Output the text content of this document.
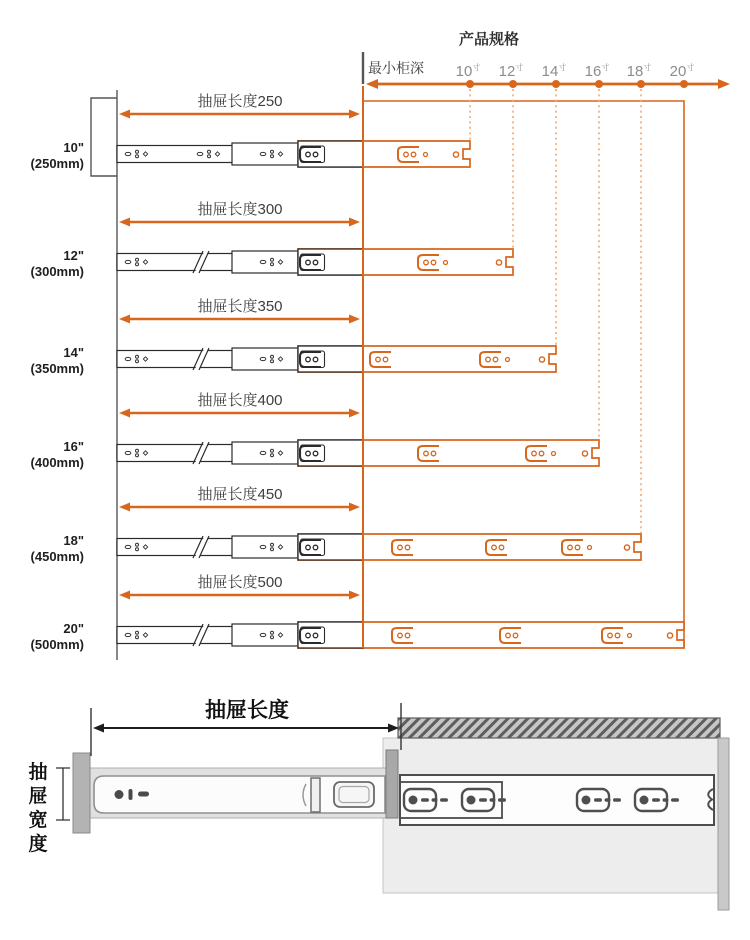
抽屉长度250
10"
(250mm)
抽屉长度300
12"
(300mm)
抽屉长度350
14"
(350mm)
抽屉长度400
16"
(400mm)
抽屉长度450
18"
(450mm)
抽屉长度500
20"
(500mm)
$10^寸$ $12^寸$ $14^寸$ $16^寸$ $18^寸$ $20^寸$
产品规格
最小柜深

抽屉长度
抽
屉
宽
度
